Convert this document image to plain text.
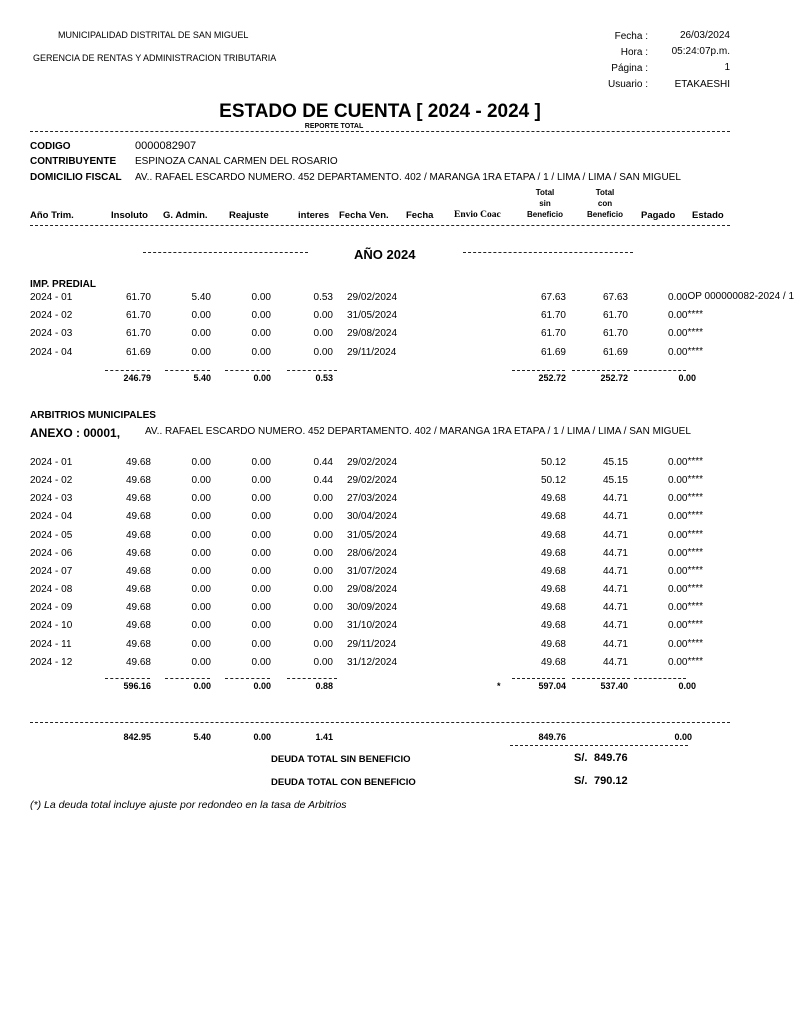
MUNICIPALIDAD DISTRITAL DE SAN MIGUEL
GERENCIA DE RENTAS Y ADMINISTRACION TRIBUTARIA
Fecha :	26/03/2024
Hora :	05:24:07p.m.
Página :	1
Usuario :	ETAKAESHI
ESTADO DE CUENTA [ 2024 - 2024 ]
REPORTE TOTAL
CODIGO	0000082907
CONTRIBUYENTE ESPINOZA CANAL CARMEN DEL ROSARIO
DOMICILIO FISCAL AV.. RAFAEL ESCARDO NUMERO. 452 DEPARTAMENTO. 402 / MARANGA 1RA ETAPA / 1 / LIMA / LIMA / SAN MIGUEL
Año Trim.	Insoluto G. Admin. Reajuste	interes Fecha Ven. Fecha Envio Coac
Total
sin
Beneficio
Total
con
Beneficio	Pagado Estado
AÑO 2024
IMP. PREDIAL
2024 - 01	61.70	5.40	0.00	0.53 29/02/2024	67.63	67.63	0.00OP 000000082-2024 / 1
2024 - 02	61.70	0.00	0.00	0.00 31/05/2024	61.70	61.70	0.00****
2024 - 03	61.70	0.00	0.00	0.00 29/08/2024	61.70	61.70	0.00****
2024 - 04	61.69	0.00	0.00	0.00 29/11/2024	61.69	61.69	0.00****
246.79	5.40	0.00	0.53	252.72	252.72	0.00
ARBITRIOS MUNICIPALES
ANEXO : 00001, AV.. RAFAEL ESCARDO NUMERO. 452 DEPARTAMENTO. 402 / MARANGA 1RA ETAPA / 1 / LIMA / LIMA / SAN MIGUEL
2024 - 01	49.68	0.00	0.00	0.44 29/02/2024	50.12	45.15	0.00****
2024 - 02	49.68	0.00	0.00	0.44 29/02/2024	50.12	45.15	0.00****
2024 - 03	49.68	0.00	0.00	0.00 27/03/2024	49.68	44.71	0.00****
2024 - 04	49.68	0.00	0.00	0.00 30/04/2024	49.68	44.71	0.00****
2024 - 05	49.68	0.00	0.00	0.00 31/05/2024	49.68	44.71	0.00****
2024 - 06	49.68	0.00	0.00	0.00 28/06/2024	49.68	44.71	0.00****
2024 - 07	49.68	0.00	0.00	0.00 31/07/2024	49.68	44.71	0.00****
2024 - 08	49.68	0.00	0.00	0.00 29/08/2024	49.68	44.71	0.00****
2024 - 09	49.68	0.00	0.00	0.00 30/09/2024	49.68	44.71	0.00****
2024 - 10	49.68	0.00	0.00	0.00 31/10/2024	49.68	44.71	0.00****
2024 - 11	49.68	0.00	0.00	0.00 29/11/2024	49.68	44.71	0.00****
2024 - 12	49.68	0.00	0.00	0.00 31/12/2024	49.68	44.71	0.00****
596.16	0.00	0.00	0.88	597.04	537.40	0.00
*
842.95	5.40	0.00	1.41	849.76	0.00
DEUDA TOTAL SIN BENEFICIO	S/. 849.76
DEUDA TOTAL CON BENEFICIO	S/. 790.12
(*) La deuda total incluye ajuste por redondeo en la tasa de Arbitrios
